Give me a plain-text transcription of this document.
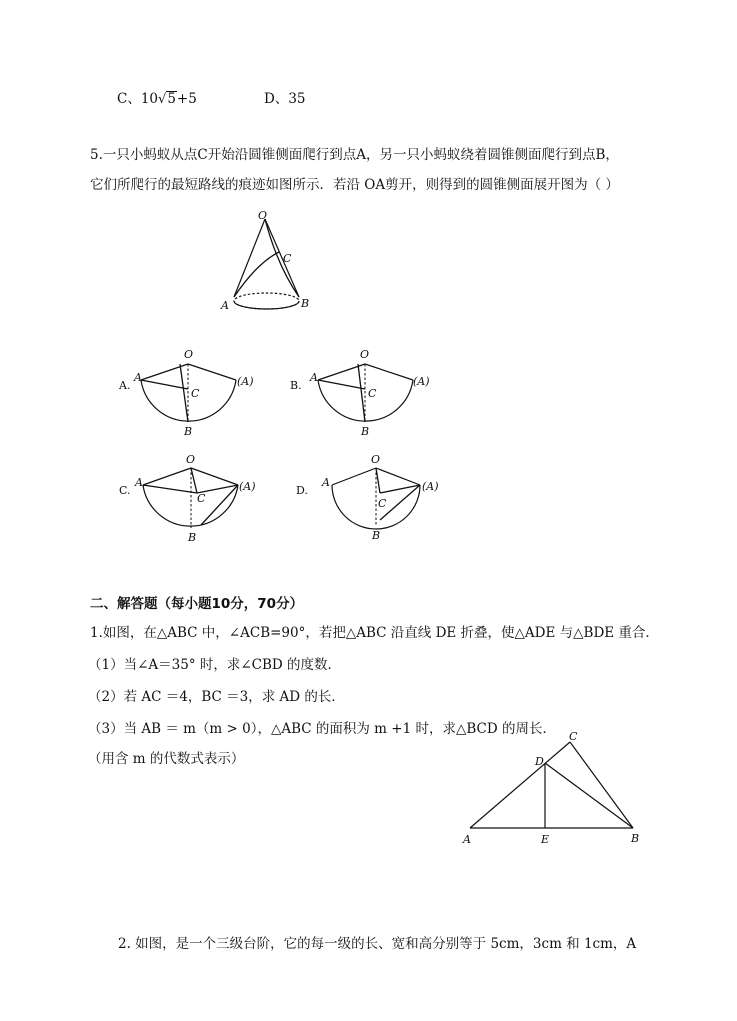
C、10√5+5	D、35
5.一只小蚂蚁从点C开始沿圆锥侧面爬行到点A，另一只小蚂蚁绕着圆锥侧面爬行到点B，
它们所爬行的最短路线的痕迹如图所示．若沿 OA剪开，则得到的圆锥侧面展开图为（ ）
O
C
A	B
A.
O
A	(A)
C
B
B.
O
A	(A)
C
B
C.
O
A	(A)
C
B
D.
O
A	(A)
C
B
二、解答题（每小题10分，70分）
1.如图，在△ABC 中，∠ACB=90°，若把△ABC 沿直线 DE 折叠，使△ADE 与△BDE 重合．
（1）当∠A＝35° 时，求∠CBD 的度数．
（2）若 AC ＝4，BC ＝3，求 AD 的长．
（3）当 AB ＝ m（m > 0），△ABC 的面积为 m +1 时，求△BCD 的周长．
（用含 m 的代数式表示）
C
D
A	E	B
2. 如图，是一个三级台阶，它的每一级的长、宽和高分别等于 5cm，3cm 和 1cm，A
